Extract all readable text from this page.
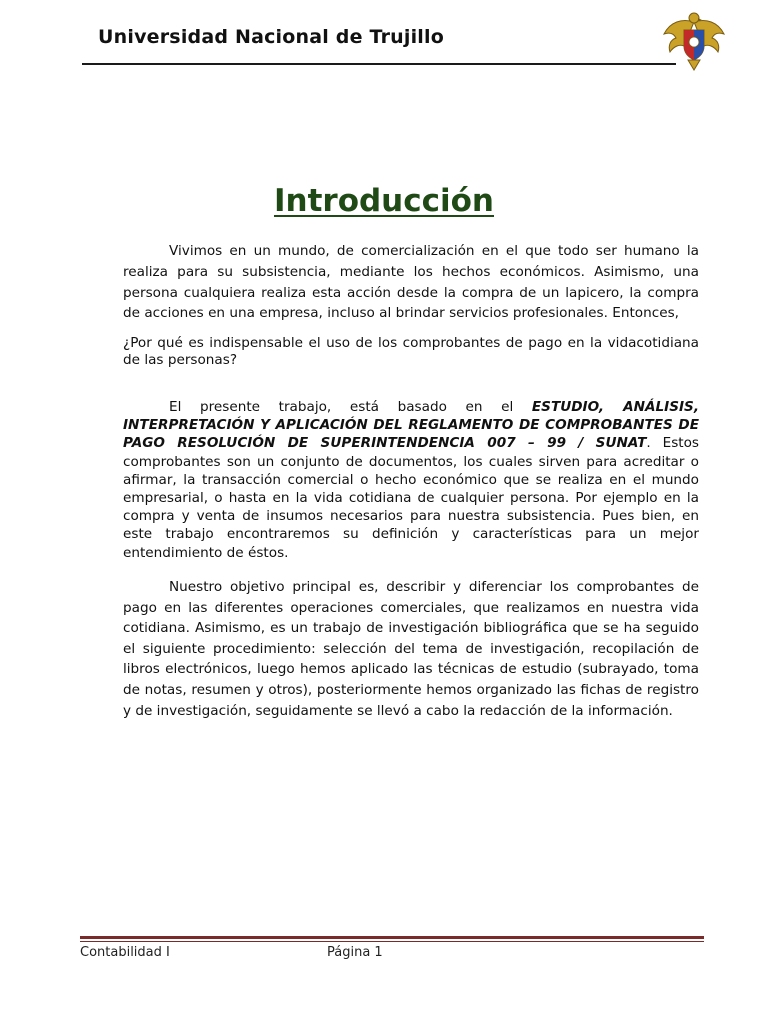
Universidad Nacional de Trujillo
Introducción

Vivimos en un mundo, de comercialización en el que todo ser humano la realiza para su subsistencia, mediante los hechos económicos. Asimismo, una persona cualquiera realiza esta acción desde la compra de un lapicero, la compra de acciones en una empresa, incluso al brindar servicios profesionales. Entonces,

¿Por qué es indispensable el uso de los comprobantes de pago en la vidacotidiana de las personas?

El presente trabajo, está basado en el ESTUDIO, ANÁLISIS, INTERPRETACIÓN Y APLICACIÓN DEL REGLAMENTO DE COMPROBANTES DE PAGO RESOLUCIÓN DE SUPERINTENDENCIA 007 – 99 / SUNAT. Estos comprobantes son un conjunto de documentos, los cuales sirven para acreditar o afirmar, la transacción comercial o hecho económico que se realiza en el mundo empresarial, o hasta en la vida cotidiana de cualquier persona. Por ejemplo en la compra y venta de insumos necesarios para nuestra subsistencia. Pues bien, en este trabajo encontraremos su definición y características para un mejor entendimiento de éstos.

Nuestro objetivo principal es, describir y diferenciar los comprobantes de pago en las diferentes operaciones comerciales, que realizamos en nuestra vida cotidiana. Asimismo, es un trabajo de investigación bibliográfica que se ha seguido el siguiente procedimiento: selección del tema de investigación, recopilación de libros electrónicos, luego hemos aplicado las técnicas de estudio (subrayado, toma de notas, resumen y otros), posteriormente hemos organizado las fichas de registro y de investigación, seguidamente se llevó a cabo la redacción de la información.

Contabilidad I	Página 1
